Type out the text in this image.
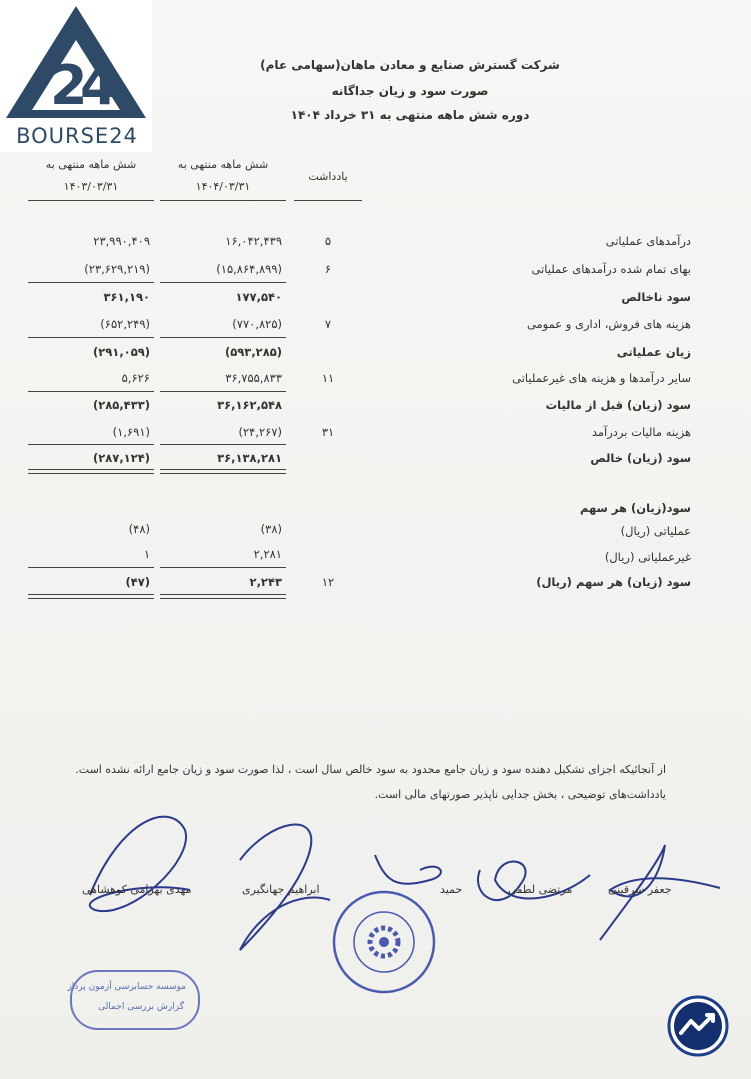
2
4
BOURSE24
شرکت گسترش صنایع و معادن ماهان(سهامی عام)
صورت سود و زیان جداگانه
دوره شش ماهه منتهی به ۳۱ خرداد ۱۴۰۴
یادداشت
شش ماهه منتهی به
۱۴۰۴/۰۳/۳۱
شش ماهه منتهی به
۱۴۰۳/۰۳/۳۱
درآمدهای عملیاتی
۵
۱۶,۰۴۲,۴۳۹
۲۳,۹۹۰,۴۰۹
بهای تمام شده درآمدهای عملیاتی
۶
(۱۵,۸۶۴,۸۹۹)
(۲۳,۶۲۹,۲۱۹)
سود ناخالص
۱۷۷,۵۴۰
۳۶۱,۱۹۰
هزینه های فروش، اداری و عمومی
۷
(۷۷۰,۸۲۵)
(۶۵۲,۲۴۹)
زیان عملیاتی
(۵۹۳,۲۸۵)
(۲۹۱,۰۵۹)
سایر درآمدها و هزینه های غیرعملیاتی
۱۱
۳۶,۷۵۵,۸۳۳
۵,۶۲۶
سود (زیان) قبل از مالیات
۳۶,۱۶۲,۵۴۸
(۲۸۵,۴۳۳)
هزینه مالیات بردرآمد
۳۱
(۲۴,۲۶۷)
(۱,۶۹۱)
سود (زیان) خالص
۳۶,۱۳۸,۲۸۱
(۲۸۷,۱۲۴)
سود(زیان) هر سهم
عملیاتی (ریال)
(۳۸)
(۴۸)
غیرعملیاتی (ریال)
۲,۲۸۱
۱
سود (زیان) هر سهم (ریال)
۱۲
۲,۲۴۳
(۴۷)
از آنجائیکه اجزای تشکیل دهنده سود و زیان جامع محدود به سود خالص سال است ، لذا صورت سود و زیان جامع ارائه نشده است.
یادداشت‌های توضیحی ، بخش جدایی ناپذیر صورتهای مالی است.
جعفر سرقینی
مرتضی لطفی
حمید
ابراهیم جهانگیری
مهدی بهرامی کوهشاهی
موسسه حسابرسی آزمون پرداز
گزارش بررسی اجمالی
